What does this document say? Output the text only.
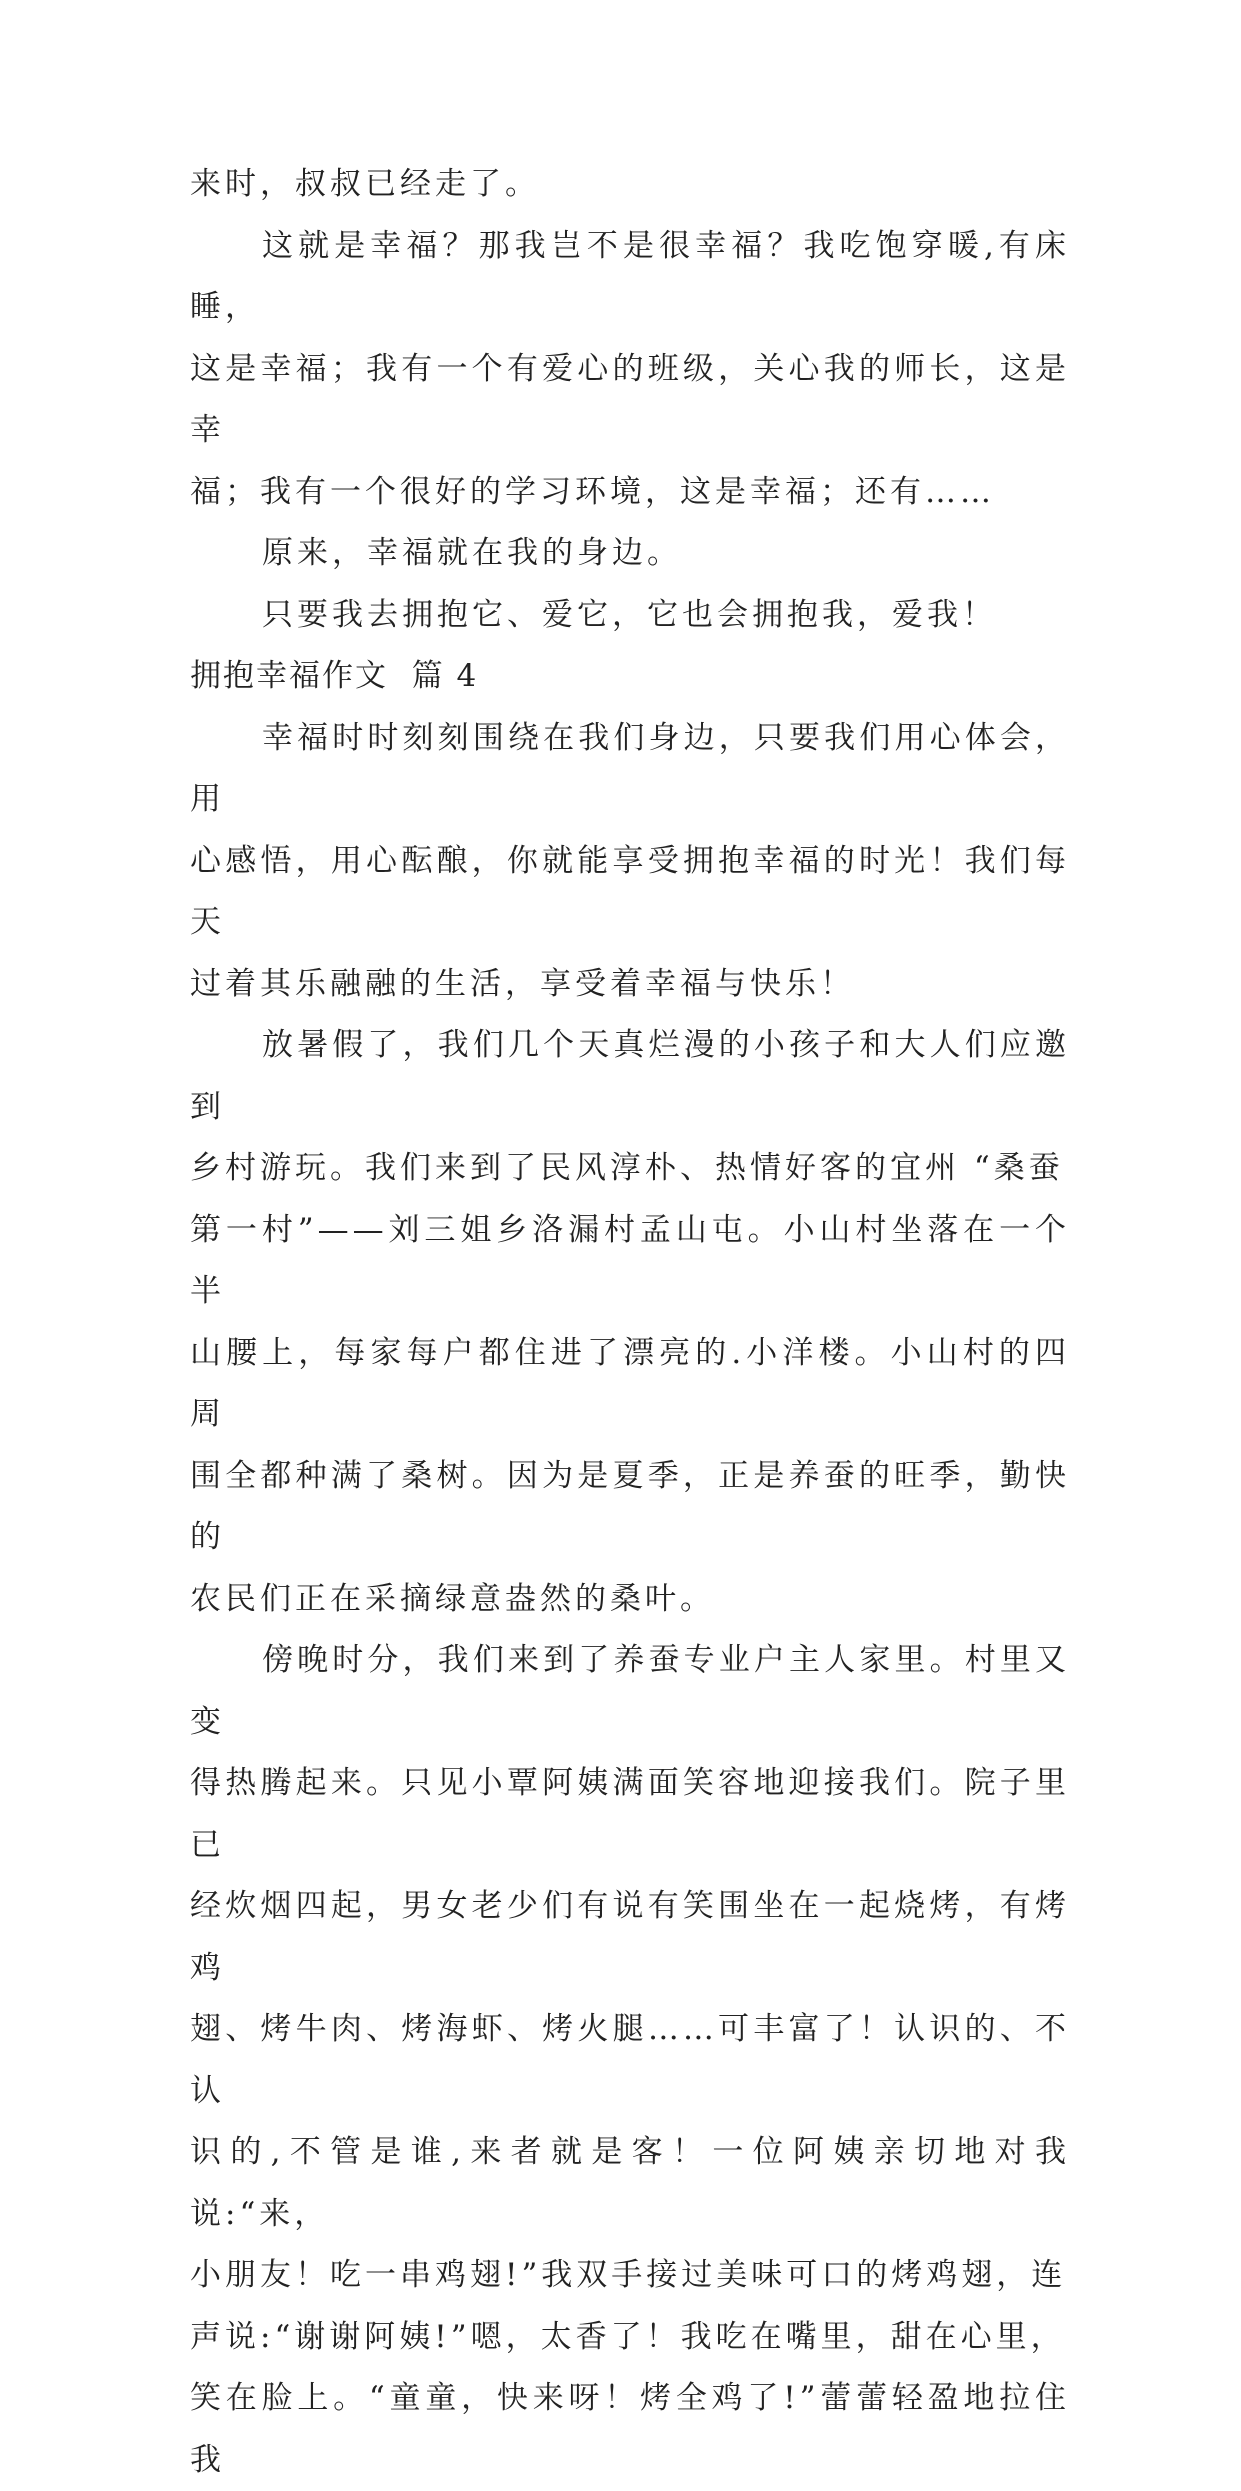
来时，叔叔已经走了。
这就是幸福？那我岂不是很幸福？我吃饱穿暖,有床睡，
这是幸福；我有一个有爱心的班级，关心我的师长，这是幸
福；我有一个很好的学习环境，这是幸福；还有……
原来，幸福就在我的身边。
只要我去拥抱它、爱它，它也会拥抱我，爱我！
拥抱幸福作文  篇 4
幸福时时刻刻围绕在我们身边，只要我们用心体会，用
心感悟，用心酝酿，你就能享受拥抱幸福的时光！我们每天
过着其乐融融的生活，享受着幸福与快乐！
放暑假了，我们几个天真烂漫的小孩子和大人们应邀到
乡村游玩。我们来到了民风淳朴、热情好客的宜州 “桑蚕
第一村”——刘三姐乡洛漏村孟山屯。小山村坐落在一个半
山腰上，每家每户都住进了漂亮的.小洋楼。小山村的四周
围全都种满了桑树。因为是夏季，正是养蚕的旺季，勤快的
农民们正在采摘绿意盎然的桑叶。
傍晚时分，我们来到了养蚕专业户主人家里。村里又变
得热腾起来。只见小覃阿姨满面笑容地迎接我们。院子里已
经炊烟四起，男女老少们有说有笑围坐在一起烧烤，有烤鸡
翅、烤牛肉、烤海虾、烤火腿……可丰富了！认识的、不认
识的,不管是谁,来者就是客！一位阿姨亲切地对我说:“来，
小朋友！吃一串鸡翅!”我双手接过美味可口的烤鸡翅，连
声说:“谢谢阿姨!”嗯，太香了！我吃在嘴里，甜在心里，
笑在脸上。“童童，快来呀！烤全鸡了!”蕾蕾轻盈地拉住我
